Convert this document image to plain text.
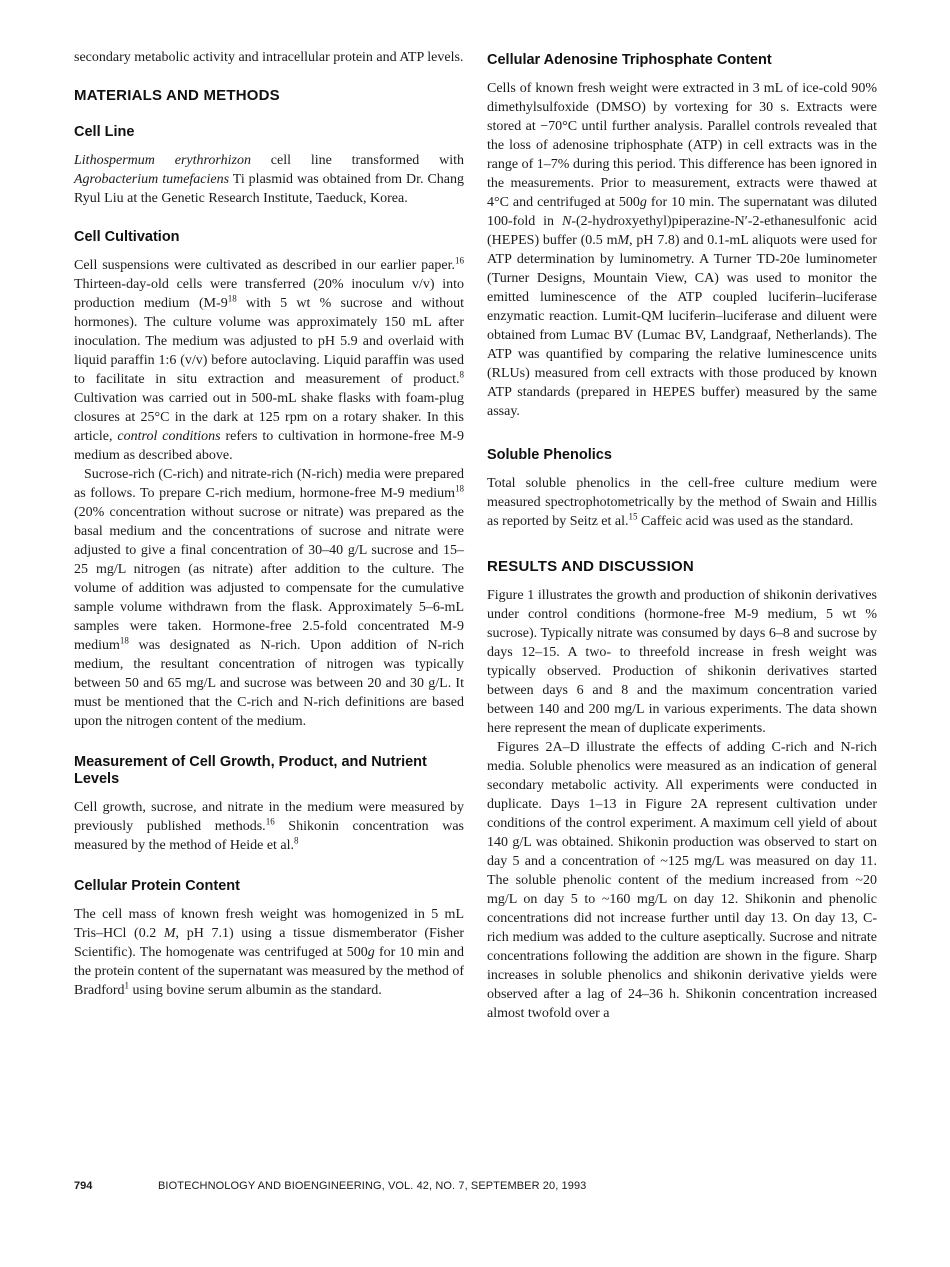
secondary metabolic activity and intracellular protein and ATP levels.

MATERIALS AND METHODS
Cell Line

Lithospermum erythrorhizon cell line transformed with Agrobacterium tumefaciens Ti plasmid was obtained from Dr. Chang Ryul Liu at the Genetic Research Institute, Taeduck, Korea.

Cell Cultivation

Cell suspensions were cultivated as described in our earlier paper.$^{16}$ Thirteen-day-old cells were transferred (20% inoculum v/v) into production medium ($M-9^{18}$ with 5 wt % sucrose and without hormones). The culture volume was approximately 150 mL after inoculation. The medium was adjusted to pH 5.9 and overlaid with liquid paraffin 1:6 (v/v) before autoclaving. Liquid paraffin was used to facilitate in situ extraction and measurement of product.$^8$ Cultivation was carried out in 500-mL shake flasks with foam-plug closures at 25°C in the dark at 125 rpm on a rotary shaker. In this article, control conditions refers to cultivation in hormone-free M-9 medium as described above.

Sucrose-rich (C-rich) and nitrate-rich (N-rich) media were prepared as follows. To prepare C-rich medium, hormone-free M-9 medium$^{18}$ (20% concentration without sucrose or nitrate) was prepared as the basal medium and the concentrations of sucrose and nitrate were adjusted to give a final concentration of 30–40 g/L sucrose and 15–25 mg/L nitrogen (as nitrate) after addition to the culture. The volume of addition was adjusted to compensate for the cumulative sample volume withdrawn from the flask. Approximately 5–6-mL samples were taken. Hormone-free 2.5-fold concentrated M-9 medium$^{18}$ was designated as N-rich. Upon addition of N-rich medium, the resultant concentration of nitrogen was typically between 50 and 65 mg/L and sucrose was between 20 and 30 g/L. It must be mentioned that the C-rich and N-rich definitions are based upon the nitrogen content of the medium.

Measurement of Cell Growth, Product, and Nutrient Levels

Cell growth, sucrose, and nitrate in the medium were measured by previously published methods.$^{16}$ Shikonin concentration was measured by the method of Heide et al.$^8$

Cellular Protein Content

The cell mass of known fresh weight was homogenized in 5 mL Tris–HCl (0.2 M, pH 7.1) using a tissue dismemberator (Fisher Scientific). The homogenate was centrifuged at 500g for 10 min and the protein content of the supernatant was measured by the method of Bradford$^1$ using bovine serum albumin as the standard.

Cellular Adenosine Triphosphate Content

Cells of known fresh weight were extracted in 3 mL of ice-cold 90% dimethylsulfoxide (DMSO) by vortexing for 30 s. Extracts were stored at −70°C until further analysis. Parallel controls revealed that the loss of adenosine triphosphate (ATP) in cell extracts was in the range of 1–7% during this period. This difference has been ignored in the measurements. Prior to measurement, extracts were thawed at 4°C and centrifuged at 500g for 10 min. The supernatant was diluted 100-fold in N-(2-hydroxyethyl)piperazine-N′-2-ethanesulfonic acid (HEPES) buffer (0.5 mM, pH 7.8) and 0.1-mL aliquots were used for ATP determination by luminometry. A Turner TD-20e luminometer (Turner Designs, Mountain View, CA) was used to monitor the emitted luminescence of the ATP coupled luciferin–luciferase enzymatic reaction. Lumit-QM luciferin–luciferase and diluent were obtained from Lumac BV (Lumac BV, Landgraaf, Netherlands). The ATP was quantified by comparing the relative luminescence units (RLUs) measured from cell extracts with those produced by known ATP standards (prepared in HEPES buffer) measured by the same assay.

Soluble Phenolics

Total soluble phenolics in the cell-free culture medium were measured spectrophotometrically by the method of Swain and Hillis as reported by Seitz et al.$^{15}$ Caffeic acid was used as the standard.

RESULTS AND DISCUSSION

Figure 1 illustrates the growth and production of shikonin derivatives under control conditions (hormone-free M-9 medium, 5 wt % sucrose). Typically nitrate was consumed by days 6–8 and sucrose by days 12–15. A two- to threefold increase in fresh weight was typically observed. Production of shikonin derivatives started between days 6 and 8 and the maximum concentration varied between 140 and 200 mg/L in various experiments. The data shown here represent the mean of duplicate experiments.

Figures 2A–D illustrate the effects of adding C-rich and N-rich media. Soluble phenolics were measured as an indication of general secondary metabolic activity. All experiments were conducted in duplicate. Days 1–13 in Figure 2A represent cultivation under conditions of the control experiment. A maximum cell yield of about 140 g/L was obtained. Shikonin production was observed to start on day 5 and a concentration of ~125 mg/L was measured on day 11. The soluble phenolic content of the medium increased from ~20 mg/L on day 5 to ~160 mg/L on day 12. Shikonin and phenolic concentrations did not increase further until day 13. On day 13, C-rich medium was added to the culture aseptically. Sucrose and nitrate concentrations following the addition are shown in the figure. Sharp increases in soluble phenolics and shikonin derivative yields were observed after a lag of 24–36 h. Shikonin concentration increased almost twofold over a

794	BIOTECHNOLOGY AND BIOENGINEERING, VOL. 42, NO. 7, SEPTEMBER 20, 1993
